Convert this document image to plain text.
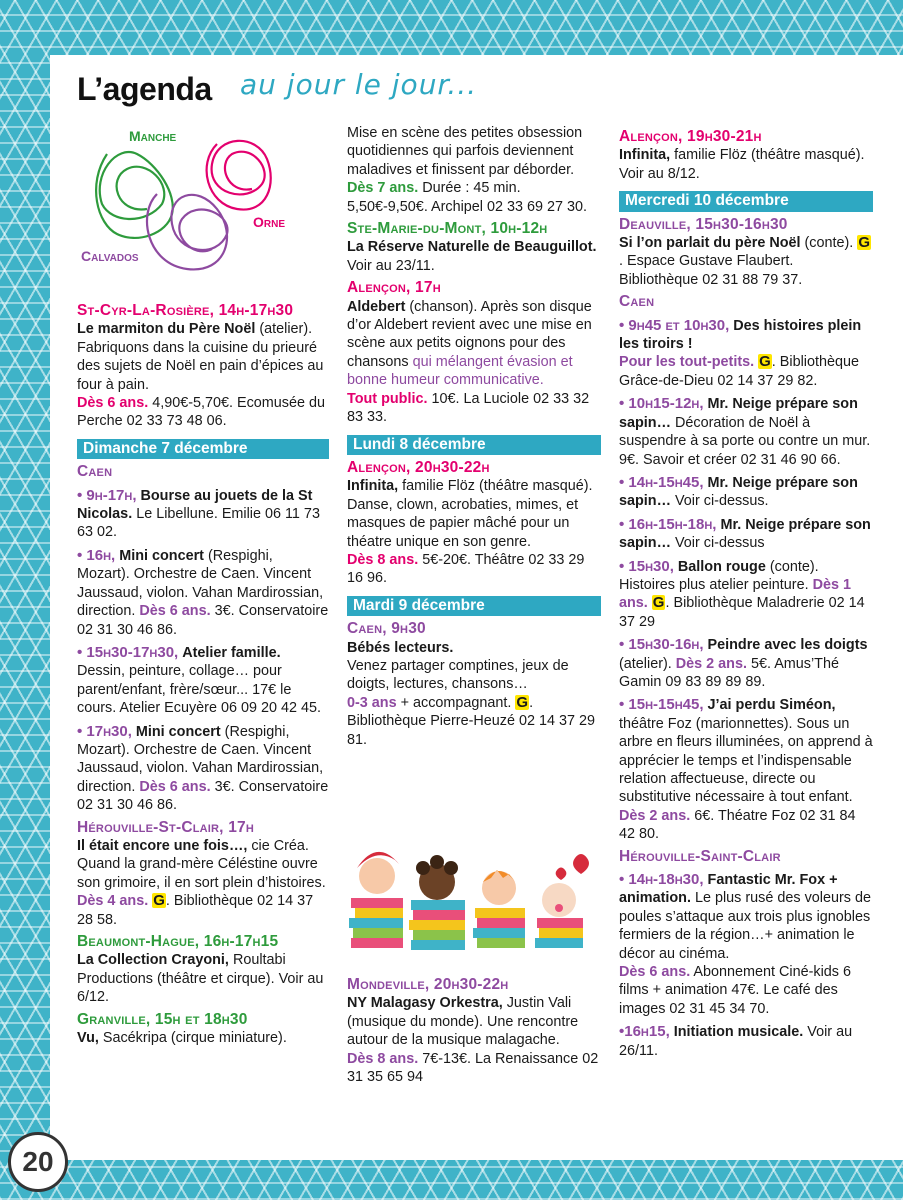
L’agenda au jour le jour...
Manche
Orne
Calvados
St-Cyr-La-Rosière, 14h-17h30
Le marmiton du Père Noël (atelier). Fabriquons dans la cuisine du prieuré des sujets de Noël en pain d’épices au four à pain.
Dès 6 ans. 4,90€-5,70€. Ecomusée du Perche 02 33 73 48 06.
Dimanche 7 décembre
Caen
• 9h-17h, Bourse au jouets de la St Nicolas. Le Libellune. Emilie 06 11 73 63 02.
• 16h, Mini concert (Respighi, Mozart). Orchestre de Caen. Vincent Jaussaud, violon. Vahan Mardirossian, direction. Dès 6 ans. 3€. Conservatoire 02 31 30 46 86.
• 15h30-17h30, Atelier famille. Dessin, peinture, collage… pour parent/enfant, frère/sœur... 17€ le cours. Atelier Ecuyère 06 09 20 42 45.
• 17h30, Mini concert (Respighi, Mozart). Orchestre de Caen. Vincent Jaussaud, violon. Vahan Mardirossian, direction. Dès 6 ans. 3€. Conservatoire 02 31 30 46 86.
Hérouville-St-Clair, 17h
Il était encore une fois…, cie Créa. Quand la grand-mère Céléstine ouvre son grimoire, il en sort plein d’histoires.
Dès 4 ans. G. Bibliothèque 02 14 37 28 58.
Beaumont-Hague, 16h-17h15
La Collection Crayoni, Roultabi Productions (théâtre et cirque). Voir au 6/12.
Granville, 15h et 18h30
Vu, Sacékripa (cirque miniature).
Mise en scène des petites obsession quotidiennes qui parfois deviennent maladives et finissent par déborder.
Dès 7 ans. Durée : 45 min. 5,50€-9,50€. Archipel 02 33 69 27 30.
Ste-Marie-du-Mont, 10h-12h
La Réserve Naturelle de Beauguillot. Voir au 23/11.
Alençon, 17h
Aldebert (chanson). Après son disque d’or Aldebert revient avec une mise en scène aux petits oignons pour des chansons qui mélangent évasion et bonne humeur communicative.
Tout public. 10€. La Luciole 02 33 32 83 33.
Lundi 8 décembre
Alençon, 20h30-22h
Infinita, familie Flöz (théâtre masqué). Danse, clown, acrobaties, mimes, et masques de papier mâché pour un théatre unique en son genre.
Dès 8 ans. 5€-20€. Théâtre 02 33 29 16 96.
Mardi 9 décembre
Caen, 9h30
Bébés lecteurs.
Venez partager comptines, jeux de doigts, lectures, chansons…
0-3 ans + accompagnant. G. Bibliothèque Pierre-Heuzé 02 14 37 29 81.
Mondeville, 20h30-22h
NY Malagasy Orkestra, Justin Vali (musique du monde). Une rencontre autour de la musique malagache.
Dès 8 ans. 7€-13€. La Renaissance 02 31 35 65 94
Alençon, 19h30-21h
Infinita, familie Flöz (théâtre masqué). Voir au 8/12.
Mercredi 10 décembre
Deauville, 15h30-16h30
Si l’on parlait du père Noël (conte). G. Espace Gustave Flaubert. Bibliothèque 02 31 88 79 37.
Caen
• 9h45 et 10h30, Des histoires plein les tiroirs !
Pour les tout-petits. G. Bibliothèque Grâce-de-Dieu 02 14 37 29 82.
• 10h15-12h, Mr. Neige prépare son sapin… Décoration de Noël à suspendre à sa porte ou contre un mur. 9€. Savoir et créer 02 31 46 90 66.
• 14h-15h45, Mr. Neige prépare son sapin… Voir ci-dessus.
• 16h-15h-18h, Mr. Neige prépare son sapin… Voir ci-dessus
• 15h30, Ballon rouge (conte). Histoires plus atelier peinture. Dès 1 ans. G. Bibliothèque Maladrerie 02 14 37 29
• 15h30-16h, Peindre avec les doigts (atelier). Dès 2 ans. 5€. Amus’Thé Gamin 09 83 89 89 89.
• 15h-15h45, J’ai perdu Siméon, théâtre Foz (marionnettes). Sous un arbre en fleurs illuminées, on apprend à apprécier le temps et l’indispensable relation affectueuse, directe ou substitutive nécessaire à tout enfant. Dès 2 ans. 6€. Théatre Foz 02 31 84 42 80.
Hérouville-Saint-Clair
• 14h-18h30, Fantastic Mr. Fox + animation. Le plus rusé des voleurs de poules s’attaque aux trois plus ignobles fermiers de la région…+ animation le décor au cinéma.
Dès 6 ans. Abonnement Ciné-kids 6 films + animation 47€. Le café des images 02 31 45 34 70.
•16h15, Initiation musicale. Voir au 26/11.
20
